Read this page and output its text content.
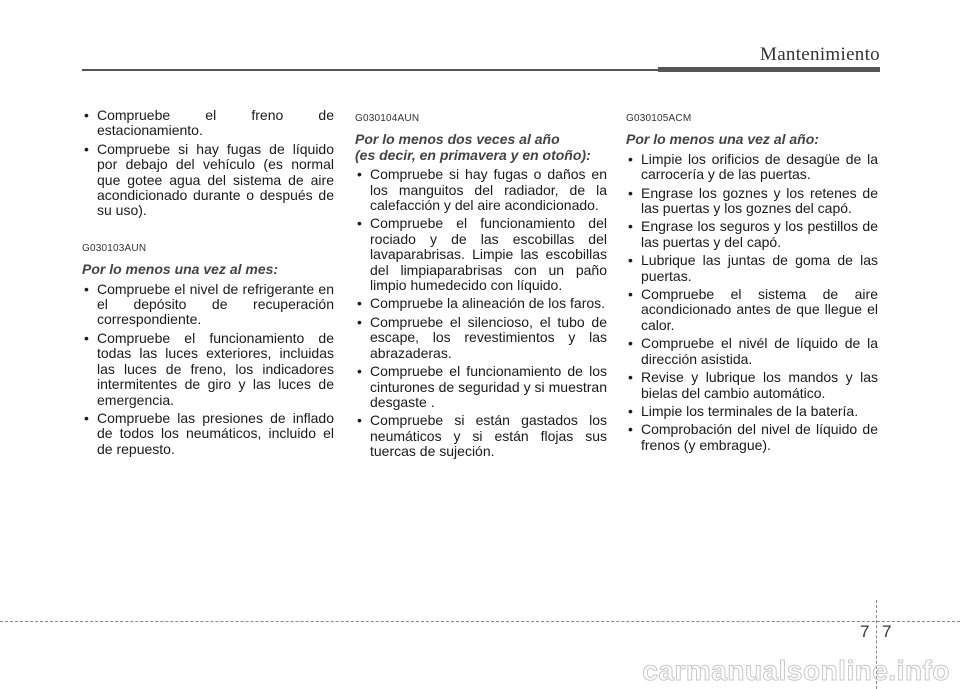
Mantenimiento
• Compruebe el freno de estacionamiento.
• Compruebe si hay fugas de líquido por debajo del vehículo (es normal que gotee agua del sistema de aire acondicionado durante o después de su uso).
G030103AUN
Por lo menos una vez al mes:
• Compruebe el nivel de refrigerante en el depósito de recuperación correspondiente.
• Compruebe el funcionamiento de todas las luces exteriores, incluidas las luces de freno, los indicadores intermitentes de giro y las luces de emergencia.
• Compruebe las presiones de inflado de todos los neumáticos, incluido el de repuesto.
G030104AUN
Por lo menos dos veces al año
(es decir, en primavera y en otoño):
• Compruebe si hay fugas o daños en los manguitos del radiador, de la calefacción y del aire acondicionado.
• Compruebe el funcionamiento del rociado y de las escobillas del lavaparabrisas. Limpie las escobillas del limpiaparabrisas con un paño limpio humedecido con líquido.
• Compruebe la alineación de los faros.
• Compruebe el silencioso, el tubo de escape, los revestimientos y las abrazaderas.
• Compruebe el funcionamiento de los cinturones de seguridad y si muestran desgaste .
• Compruebe si están gastados los neumáticos y si están flojas sus tuercas de sujeción.
G030105ACM
Por lo menos una vez al año:
• Limpie los orificios de desagüe de la carrocería y de las puertas.
• Engrase los goznes y los retenes de las puertas y los goznes del capó.
• Engrase los seguros y los pestillos de las puertas y del capó.
• Lubrique las juntas de goma de las puertas.
• Compruebe el sistema de aire acondicionado antes de que llegue el calor.
• Compruebe el nivél de líquido de la dirección asistida.
• Revise y lubrique los mandos y las bielas del cambio automático.
• Limpie los terminales de la batería.
• Comprobación del nivel de líquido de frenos (y embrague).
7 7
carmanualsonline.info
